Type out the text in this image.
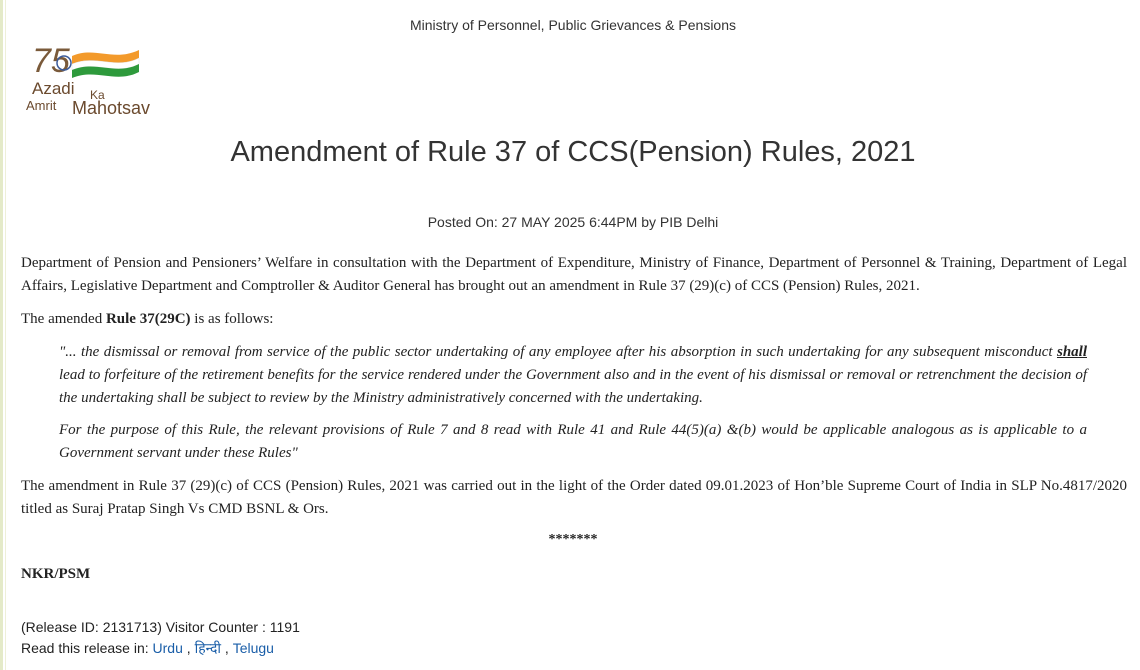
Ministry of Personnel, Public Grievances & Pensions
75
Azadi Ka
Amrit Mahotsav
Amendment of Rule 37 of CCS(Pension) Rules, 2021
Posted On: 27 MAY 2025 6:44PM by PIB Delhi

Department of Pension and Pensioners’ Welfare in consultation with the Department of Expenditure, Ministry of Finance, Department of Personnel & Training, Department of Legal Affairs, Legislative Department and Comptroller & Auditor General has brought out an amendment in Rule 37 (29)(c) of CCS (Pension) Rules, 2021.

The amended Rule 37(29C) is as follows:

"... the dismissal or removal from service of the public sector undertaking of any employee after his absorption in such undertaking for any subsequent misconduct shall lead to forfeiture of the retirement benefits for the service rendered under the Government also and in the event of his dismissal or removal or retrenchment the decision of the undertaking shall be subject to review by the Ministry administratively concerned with the undertaking.

For the purpose of this Rule, the relevant provisions of Rule 7 and 8 read with Rule 41 and Rule 44(5)(a) &(b) would be applicable analogous as is applicable to a Government servant under these Rules"

The amendment in Rule 37 (29)(c) of CCS (Pension) Rules, 2021 was carried out in the light of the Order dated 09.01.2023 of Hon’ble Supreme Court of India in SLP No.4817/2020 titled as Suraj Pratap Singh Vs CMD BSNL & Ors.

*******
NKR/PSM
(Release ID: 2131713) Visitor Counter : 1191
Read this release in: Urdu , हिन्दी , Telugu
